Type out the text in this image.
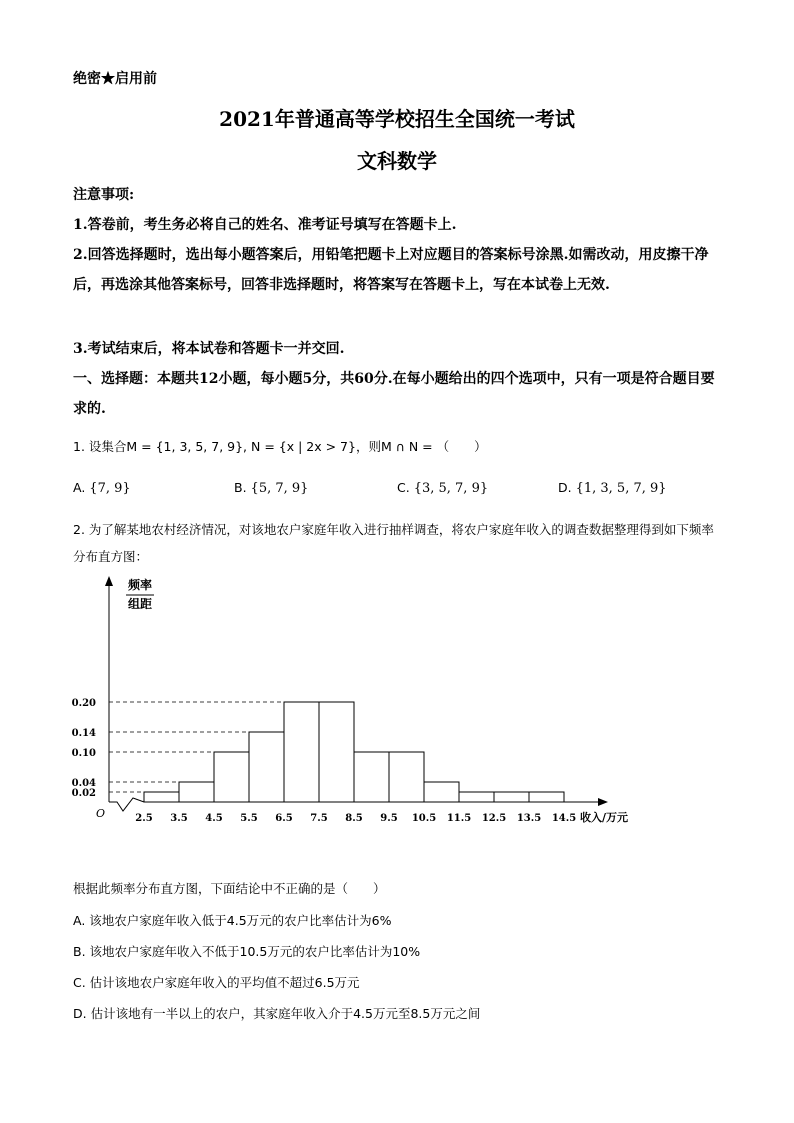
绝密★启用前
2021年普通高等学校招生全国统一考试
文科数学
注意事项:
1.答卷前，考生务必将自己的姓名、准考证号填写在答题卡上.
2.回答选择题时，选出每小题答案后，用铅笔把题卡上对应题目的答案标号涂黑.如需改动，用皮擦干净后，再选涂其他答案标号，回答非选择题时，将答案写在答题卡上，写在本试卷上无效.
3.考试结束后，将本试卷和答题卡一并交回.
一、选择题：本题共12小题，每小题5分，共60分.在每小题给出的四个选项中，只有一项是符合题目要求的.
1. 设集合M = {1, 3, 5, 7, 9}, N = {x | 2x > 7}，则M ∩ N = （　　）
A. {7, 9}	B. {5, 7, 9}	C. {3, 5, 7, 9}	D. {1, 3, 5, 7, 9}
2. 为了解某地农村经济情况，对该地农户家庭年收入进行抽样调查，将农户家庭年收入的调查数据整理得到如下频率分布直方图：
频率
组距
O	收入/万元
0.02
0.04
0.10
0.14
0.20
2.5 3.5 4.5 5.5 6.5 7.5 8.5 9.5 10.5 11.5 12.5 13.5 14.5
根据此频率分布直方图，下面结论中不正确的是（　　）
A. 该地农户家庭年收入低于4.5万元的农户比率估计为6%
B. 该地农户家庭年收入不低于10.5万元的农户比率估计为10%
C. 估计该地农户家庭年收入的平均值不超过6.5万元
D. 估计该地有一半以上的农户，其家庭年收入介于4.5万元至8.5万元之间
